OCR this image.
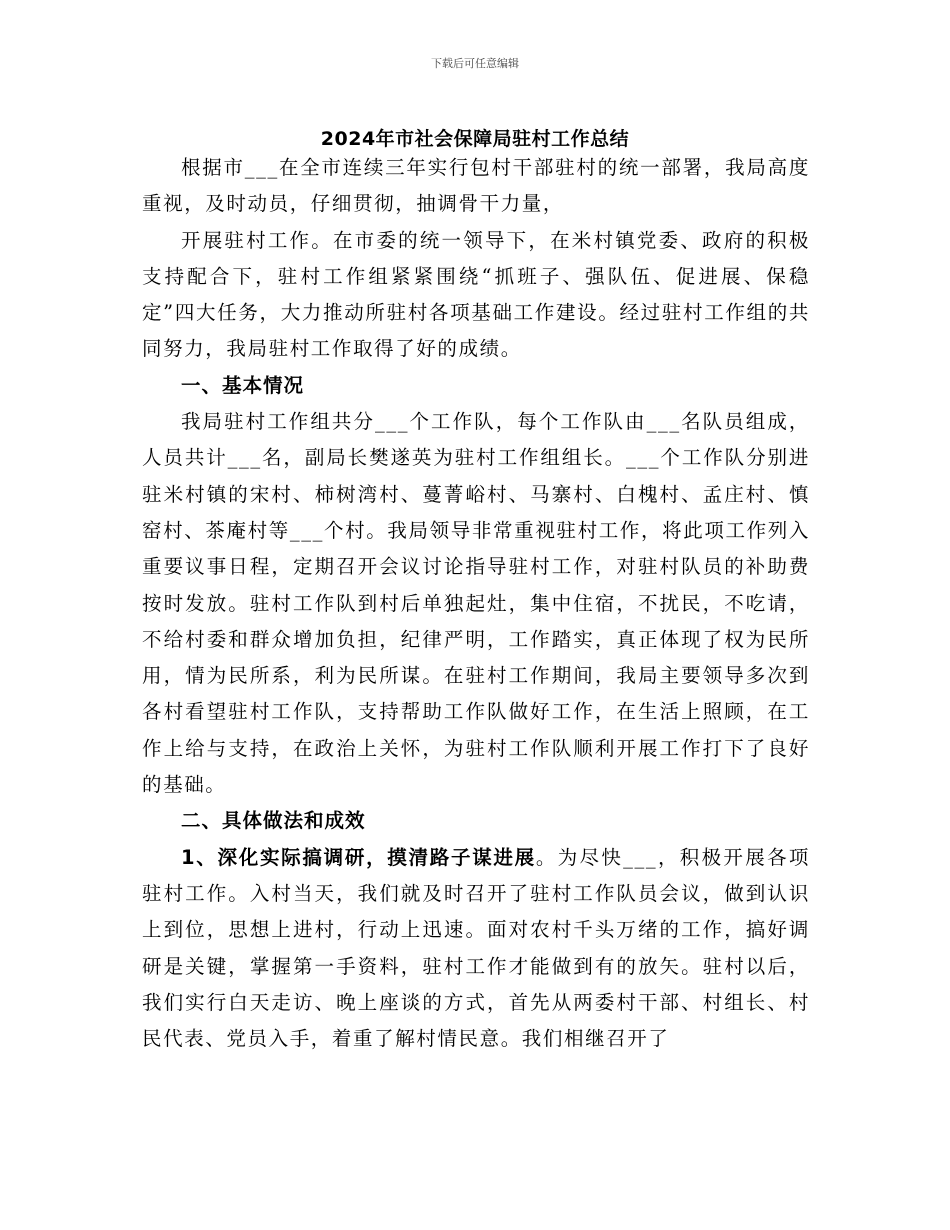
下载后可任意编辑
2024年市社会保障局驻村工作总结

根据市___在全市连续三年实行包村干部驻村的统一部署，我局高度重视，及时动员，仔细贯彻，抽调骨干力量，

开展驻村工作。在市委的统一领导下，在米村镇党委、政府的积极支持配合下，驻村工作组紧紧围绕“抓班子、强队伍、促进展、保稳定”四大任务，大力推动所驻村各项基础工作建设。经过驻村工作组的共同努力，我局驻村工作取得了好的成绩。

一、基本情况

我局驻村工作组共分___个工作队，每个工作队由___名队员组成，人员共计___名，副局长樊遂英为驻村工作组组长。___个工作队分别进驻米村镇的宋村、柿树湾村、蔓菁峪村、马寨村、白槐村、孟庄村、慎窑村、茶庵村等___个村。我局领导非常重视驻村工作，将此项工作列入重要议事日程，定期召开会议讨论指导驻村工作，对驻村队员的补助费按时发放。驻村工作队到村后单独起灶，集中住宿，不扰民，不吃请，不给村委和群众增加负担，纪律严明，工作踏实，真正体现了权为民所用，情为民所系，利为民所谋。在驻村工作期间，我局主要领导多次到各村看望驻村工作队，支持帮助工作队做好工作，在生活上照顾，在工作上给与支持，在政治上关怀，为驻村工作队顺利开展工作打下了良好的基础。

二、具体做法和成效

1、深化实际搞调研，摸清路子谋进展。为尽快___，积极开展各项驻村工作。入村当天，我们就及时召开了驻村工作队员会议，做到认识上到位，思想上进村，行动上迅速。面对农村千头万绪的工作，搞好调研是关键，掌握第一手资料，驻村工作才能做到有的放矢。驻村以后，我们实行白天走访、晚上座谈的方式，首先从两委村干部、村组长、村民代表、党员入手，着重了解村情民意。我们相继召开了
